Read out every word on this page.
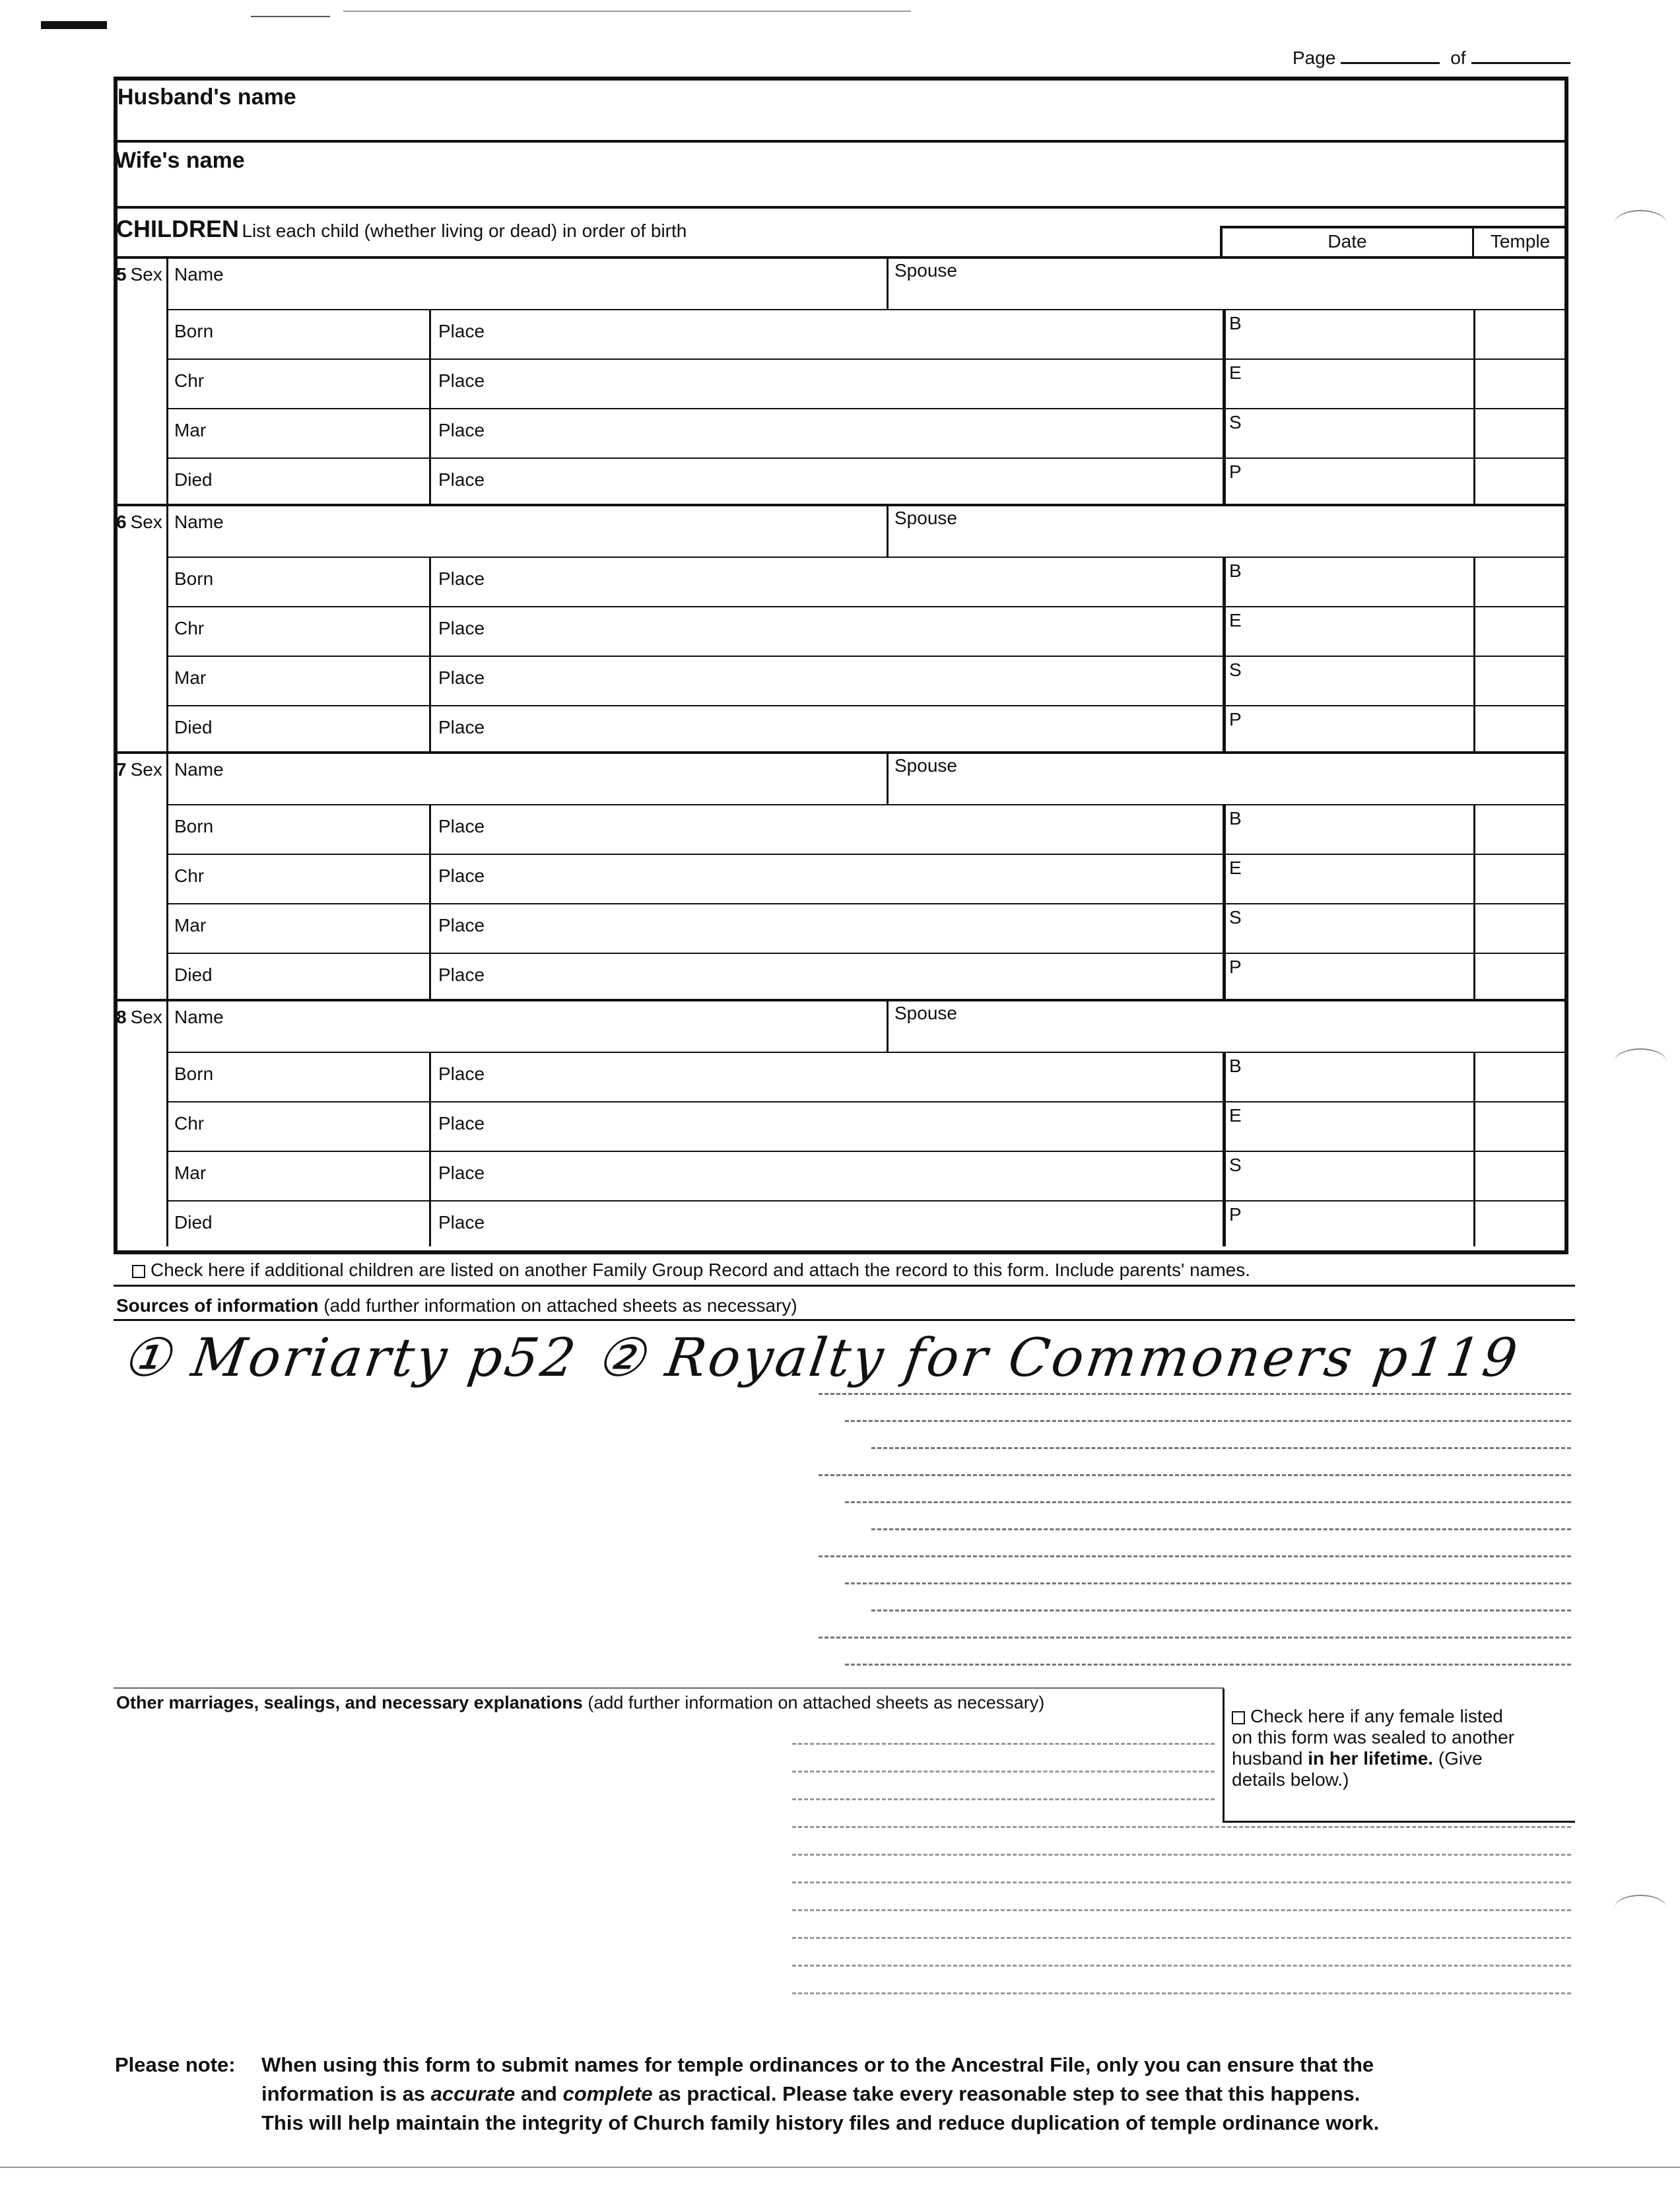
Page	of
Husband's name
Wife's name
CHILDREN List each child (whether living or dead) in order of birth
Date	Temple
5 Sex Name	Spouse
Born	Place	B
Chr	Place	E
Mar	Place	S
Died	Place	P
6 Sex Name	Spouse
Born	Place	B
Chr	Place	E
Mar	Place	S
Died	Place	P
7 Sex Name	Spouse
Born	Place	B
Chr	Place	E
Mar	Place	S
Died	Place	P
8 Sex Name	Spouse
Born	Place	B
Chr	Place	E
Mar	Place	S
Died	Place	P
Check here if additional children are listed on another Family Group Record and attach the record to this form. Include parents' names.
Sources of information (add further information on attached sheets as necessary)
① Moriarty p52 ② Royalty for Commoners p119
Other marriages, sealings, and necessary explanations (add further information on attached sheets as necessary)
Check here if any female listed on this form was sealed to another husband in her lifetime. (Give details below.)
Please note:	When using this form to submit names for temple ordinances or to the Ancestral File, only you can ensure that the
information is as accurate and complete as practical. Please take every reasonable step to see that this happens.
This will help maintain the integrity of Church family history files and reduce duplication of temple ordinance work.
